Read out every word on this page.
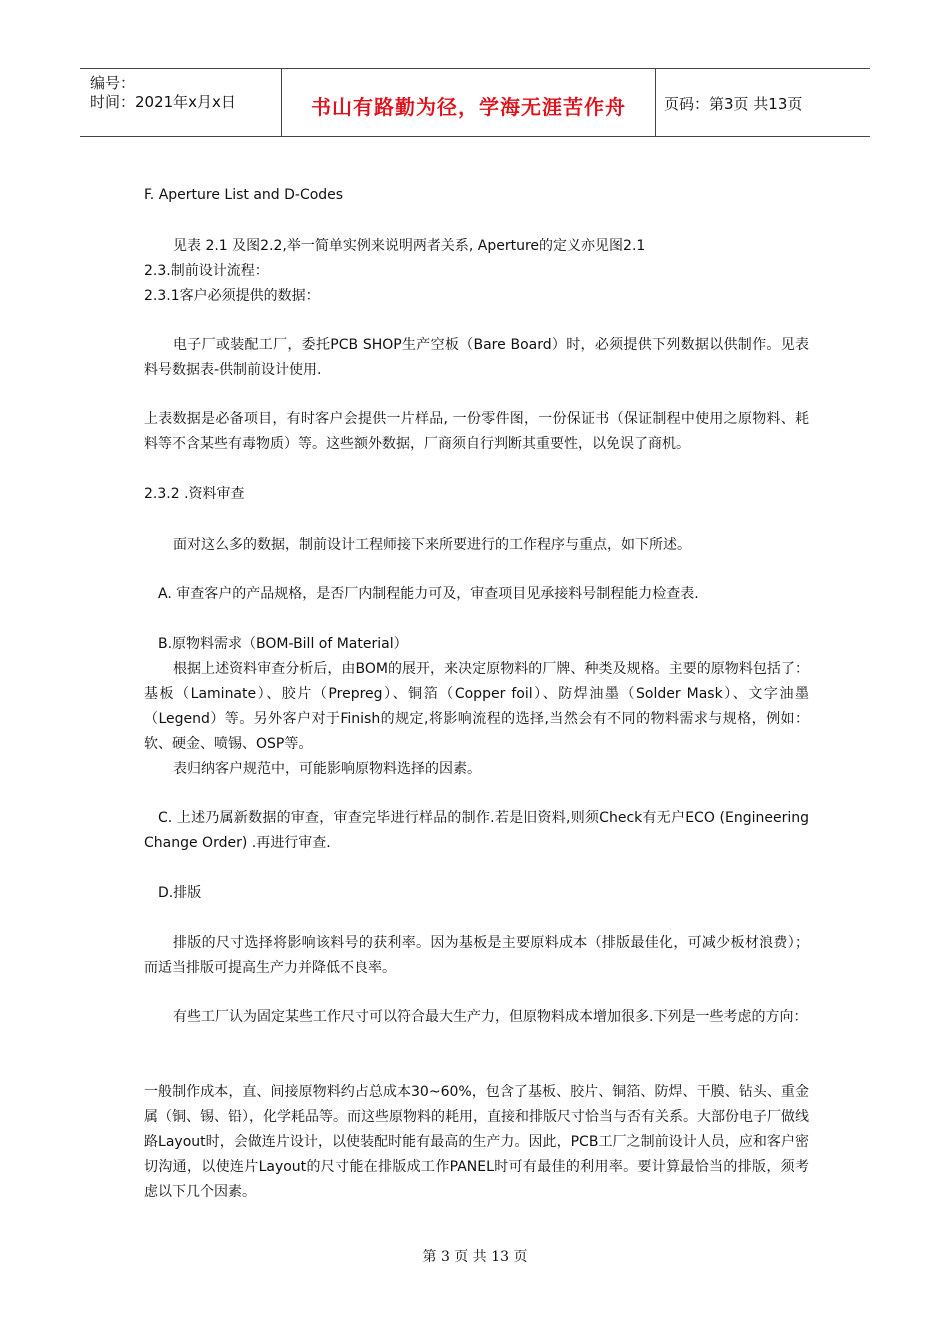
编号：
时间：2021年x月x日	书山有路勤为径，学海无涯苦作舟	页码：第3页 共13页

F. Aperture List and D-Codes

见表 2.1 及图2.2,举一简单实例来说明两者关系, Aperture的定义亦见图2.1

2.3.制前设计流程：

2.3.1客户必须提供的数据：

电子厂或装配工厂，委托PCB SHOP生产空板（Bare Board）时，必须提供下列数据以供制作。见表料号数据表-供制前设计使用.

上表数据是必备项目，有时客户会提供一片样品, 一份零件图，一份保证书（保证制程中使用之原物料、耗料等不含某些有毒物质）等。这些额外数据，厂商须自行判断其重要性，以免误了商机。

2.3.2 .资料审查

面对这么多的数据，制前设计工程师接下来所要进行的工作程序与重点，如下所述。

A. 审查客户的产品规格，是否厂内制程能力可及，审查项目见承接料号制程能力检查表.

B.原物料需求（BOM-Bill of Material）

根据上述资料审查分析后，由BOM的展开，来决定原物料的厂牌、种类及规格。主要的原物料包括了：基板（Laminate）、胶片（Prepreg）、铜箔（Copper foil）、防焊油墨（Solder Mask）、文字油墨（Legend）等。另外客户对于Finish的规定,将影响流程的选择,当然会有不同的物料需求与规格，例如：软、硬金、喷锡、OSP等。

表归纳客户规范中，可能影响原物料选择的因素。

C. 上述乃属新数据的审查，审查完毕进行样品的制作.若是旧资料,则须Check有无户ECO (Engineering Change Order) .再进行审查.

D.排版

排版的尺寸选择将影响该料号的获利率。因为基板是主要原料成本（排版最佳化，可减少板材浪费）；而适当排版可提高生产力并降低不良率。

有些工厂认为固定某些工作尺寸可以符合最大生产力，但原物料成本增加很多.下列是一些考虑的方向：

一般制作成本，直、间接原物料约占总成本30~60%，包含了基板、胶片、铜箔、防焊、干膜、钻头、重金属（铜、锡、铅），化学耗品等。而这些原物料的耗用，直接和排版尺寸恰当与否有关系。大部份电子厂做线路Layout时，会做连片设计，以使装配时能有最高的生产力。因此，PCB工厂之制前设计人员，应和客户密切沟通，以使连片Layout的尺寸能在排版成工作PANEL时可有最佳的利用率。要计算最恰当的排版，须考虑以下几个因素。

第 3 页 共 13 页
